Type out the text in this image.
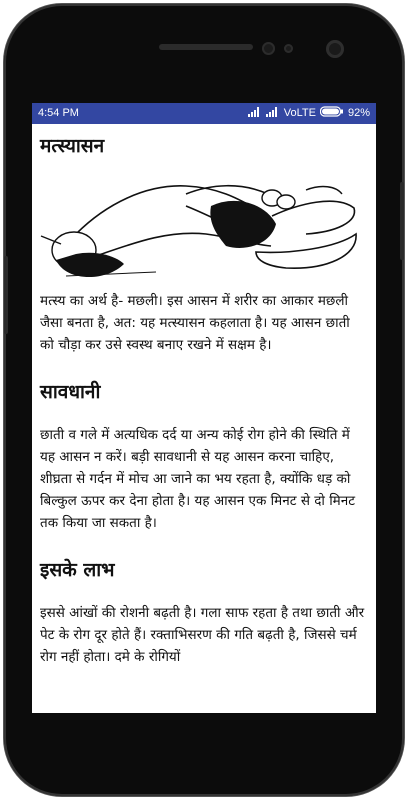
4:54 PM	VoLTE	92%
मत्स्यासन

मत्स्य का अर्थ है- मछली। इस आसन में शरीर का आकार मछली जैसा बनता है, अत: यह मत्स्यासन कहलाता है। यह आसन छाती को चौड़ा कर उसे स्वस्थ बनाए रखने में सक्षम है।

सावधानी

छाती व गले में अत्यधिक दर्द या अन्य कोई रोग होने की स्थिति में यह आसन न करें। बड़ी सावधानी से यह आसन करना चाहिए, शीघ्रता से गर्दन में मोच आ जाने का भय रहता है, क्योंकि धड़ को बिल्कुल ऊपर कर देना होता है। यह आसन एक मिनट से दो मिनट तक किया जा सकता है।

इसके लाभ

इससे आंखों की रोशनी बढ़ती है। गला साफ रहता है तथा छाती और पेट के रोग दूर होते हैं। रक्ताभिसरण की गति बढ़ती है, जिससे चर्म रोग नहीं होता। दमे के रोगियों
